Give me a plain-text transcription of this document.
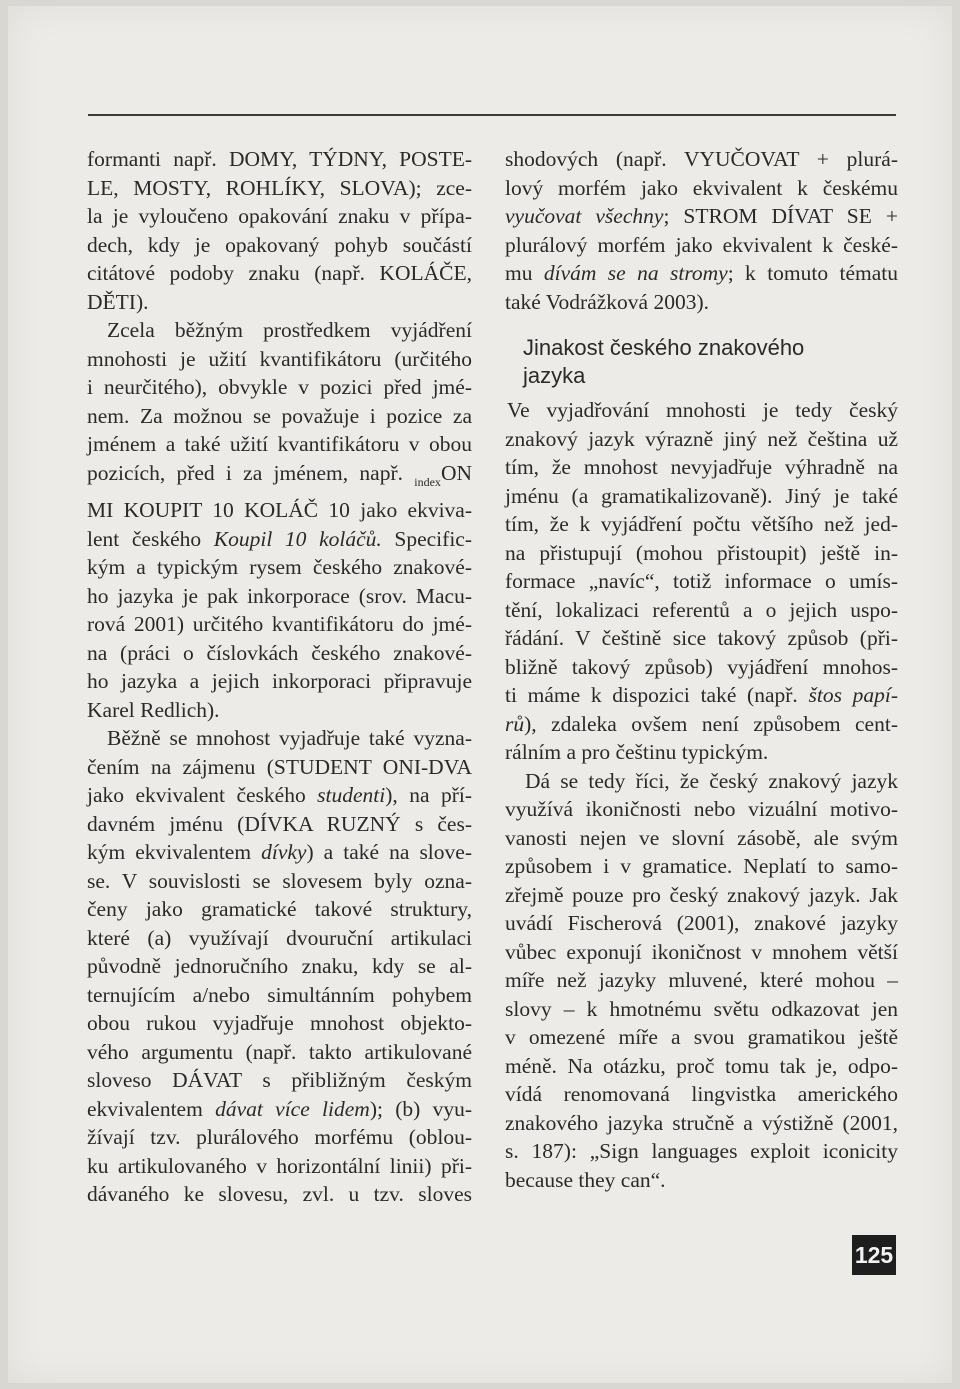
formanti např. DOMY, TÝDNY, POSTE-
LE, MOSTY, ROHLÍKY, SLOVA); zce-
la je vyloučeno opakování znaku v přípa-
dech, kdy je opakovaný pohyb součástí
citátové podoby znaku (např. KOLÁČE,
DĚTI).

Zcela běžným prostředkem vyjádření
mnohosti je užití kvantifikátoru (určitého
i neurčitého), obvykle v pozici před jmé-
nem. Za možnou se považuje i pozice za
jménem a také užití kvantifikátoru v obou
pozicích, před i za jménem, např. $_{index}$ON
MI KOUPIT 10 KOLÁČ 10 jako ekviva-
lent českého Koupil 10 koláčů. Specific-
kým a typickým rysem českého znakové-
ho jazyka je pak inkorporace (srov. Macu-
rová 2001) určitého kvantifikátoru do jmé-
na (práci o číslovkách českého znakové-
ho jazyka a jejich inkorporaci připravuje
Karel Redlich).

Běžně se mnohost vyjadřuje také vyzna-
čením na zájmenu (STUDENT ONI-DVA
jako ekvivalent českého studenti), na pří-
davném jménu (DÍVKA RUZNÝ s čes-
kým ekvivalentem dívky) a také na slove-
se. V souvislosti se slovesem byly ozna-
čeny jako gramatické takové struktury,
které (a) využívají dvouruční artikulaci
původně jednoručního znaku, kdy se al-
ternujícím a/nebo simultánním pohybem
obou rukou vyjadřuje mnohost objekto-
vého argumentu (např. takto artikulované
sloveso DÁVAT s přibližným českým
ekvivalentem dávat více lidem); (b) vyu-
žívají tzv. plurálového morfému (oblou-
ku artikulovaného v horizontální linii) při-
dávaného ke slovesu, zvl. u tzv. sloves

shodových (např. VYUČOVAT + plurá-
lový morfém jako ekvivalent k českému
vyučovat všechny; STROM DÍVAT SE +
plurálový morfém jako ekvivalent k české-
mu dívám se na stromy; k tomuto tématu
také Vodrážková 2003).

Jinakost českého znakového
jazyka

Ve vyjadřování mnohosti je tedy český
znakový jazyk výrazně jiný než čeština už
tím, že mnohost nevyjadřuje výhradně na
jménu (a gramatikalizovaně). Jiný je také
tím, že k vyjádření počtu většího než jed-
na přistupují (mohou přistoupit) ještě in-
formace „navíc“, totiž informace o umís-
tění, lokalizaci referentů a o jejich uspo-
řádání. V češtině sice takový způsob (při-
bližně takový způsob) vyjádření mnohos-
ti máme k dispozici také (např. štos papí-
rů), zdaleka ovšem není způsobem cent-
rálním a pro češtinu typickým.

Dá se tedy říci, že český znakový jazyk
využívá ikoničnosti nebo vizuální motivo-
vanosti nejen ve slovní zásobě, ale svým
způsobem i v gramatice. Neplatí to samo-
zřejmě pouze pro český znakový jazyk. Jak
uvádí Fischerová (2001), znakové jazyky
vůbec exponují ikoničnost v mnohem větší
míře než jazyky mluvené, které mohou –
slovy – k hmotnému světu odkazovat jen
v omezené míře a svou gramatikou ještě
méně. Na otázku, proč tomu tak je, odpo-
vídá renomovaná lingvistka amerického
znakového jazyka stručně a výstižně (2001,
s. 187): „Sign languages exploit iconicity
because they can“.

125
